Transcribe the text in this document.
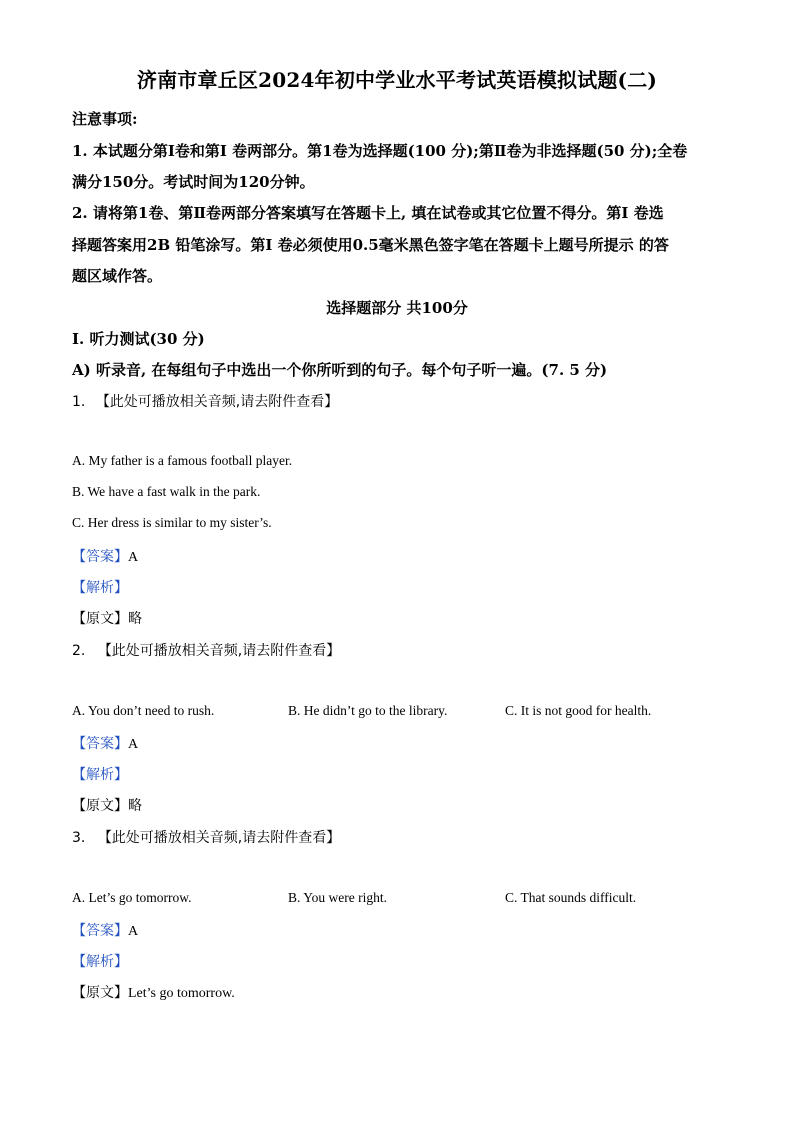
济南市章丘区2024年初中学业水平考试英语模拟试题(二)
注意事项:
1. 本试题分第Ⅰ卷和第Ⅰ 卷两部分。第1卷为选择题(100 分);第Ⅱ卷为非选择题(50 分);全卷
满分150分。考试时间为120分钟。
2. 请将第1卷、第Ⅱ卷两部分答案填写在答题卡上, 填在试卷或其它位置不得分。第Ⅰ 卷选
择题答案用2B 铅笔涂写。第Ⅰ 卷必须使用0.5毫米黑色签字笔在答题卡上题号所提示 的答
题区域作答。
选择题部分 共100分
I. 听力测试(30 分)
A) 听录音, 在每组句子中选出一个你所听到的句子。每个句子听一遍。(7. 5 分)
1. 【此处可播放相关音频,请去附件查看】
A. My father is a famous football player.
B. We have a fast walk in the park.
C. Her dress is similar to my sister’s.
【答案】A
【解析】
【原文】略
2. 【此处可播放相关音频,请去附件查看】
A. You don’t need to rush.	B. He didn’t go to the library.	C. It is not good for health.
【答案】A
【解析】
【原文】略
3. 【此处可播放相关音频,请去附件查看】
A. Let’s go tomorrow.	B. You were right.	C. That sounds difficult.
【答案】A
【解析】
【原文】Let’s go tomorrow.
